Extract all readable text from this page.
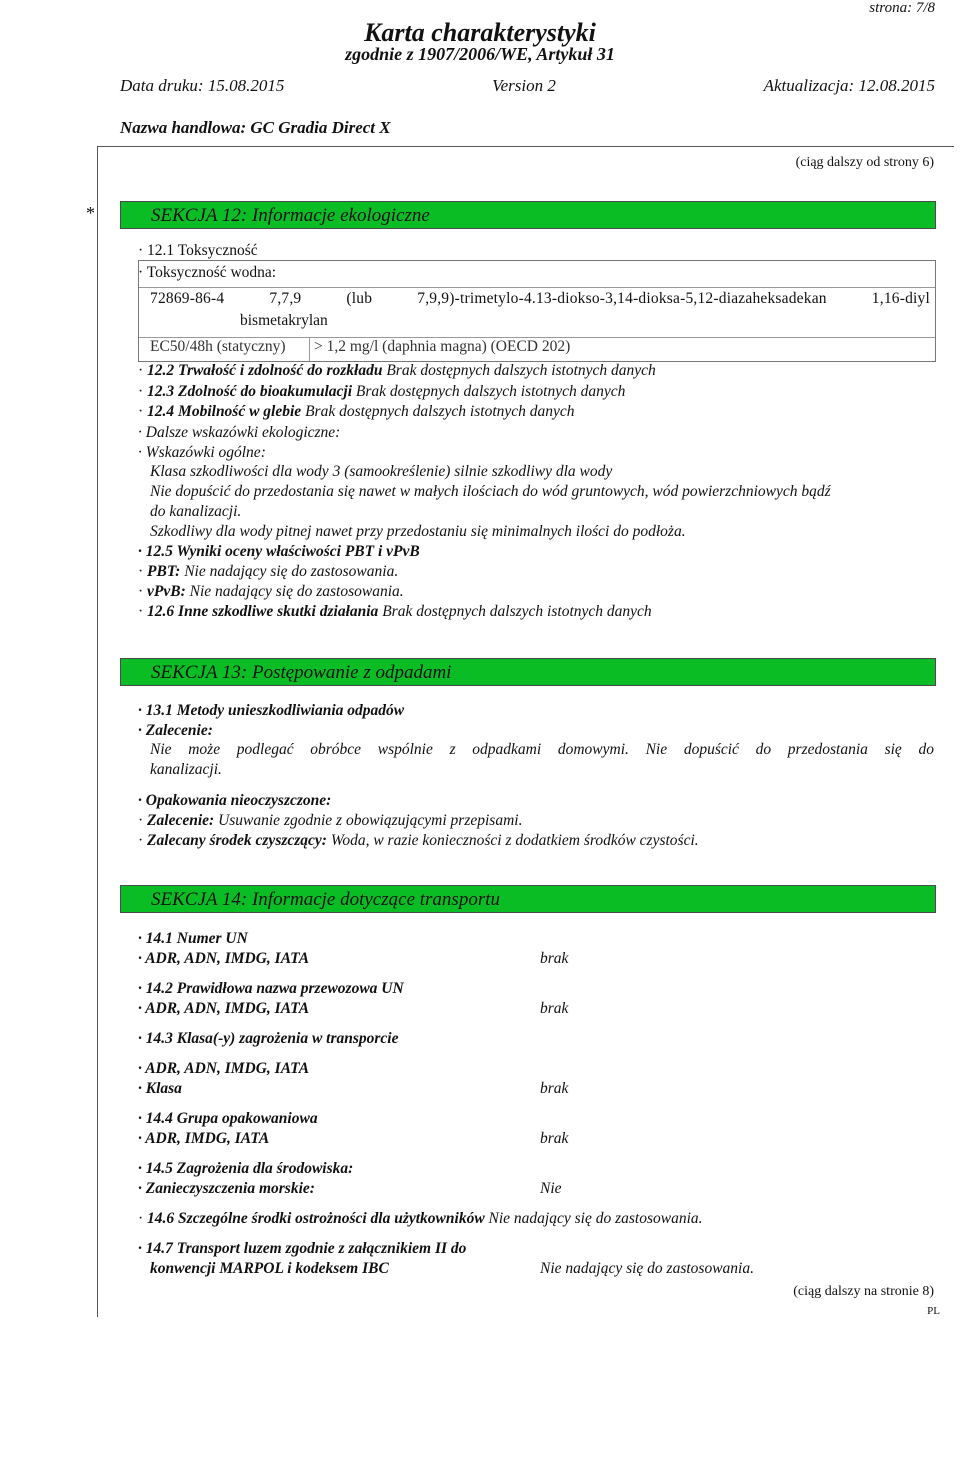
strona: 7/8
Karta charakterystyki
zgodnie z 1907/2006/WE, Artykuł 31
Data druku: 15.08.2015	Version 2	Aktualizacja: 12.08.2015
Nazwa handlowa: GC Gradia Direct X
(ciąg dalszy od strony 6)
*	SEKCJA 12: Informacje ekologiczne
· 12.1 Toksyczność
· Toksyczność wodna:
72869-86-4 7,7,9 (lub 7,9,9)-trimetylo-4.13-diokso-3,14-dioksa-5,12-diazaheksadekan 1,16-diyl
bismetakrylan
EC50/48h (statyczny) > 1,2 mg/l (daphnia magna) (OECD 202)
· 12.2 Trwałość i zdolność do rozkładu Brak dostępnych dalszych istotnych danych
· 12.3 Zdolność do bioakumulacji Brak dostępnych dalszych istotnych danych
· 12.4 Mobilność w glebie Brak dostępnych dalszych istotnych danych
· Dalsze wskazówki ekologiczne:
· Wskazówki ogólne:
Klasa szkodliwości dla wody 3 (samookreślenie) silnie szkodliwy dla wody
Nie dopuścić do przedostania się nawet w małych ilościach do wód gruntowych, wód powierzchniowych bądź
do kanalizacji.
Szkodliwy dla wody pitnej nawet przy przedostaniu się minimalnych ilości do podłoża.
· 12.5 Wyniki oceny właściwości PBT i vPvB
· PBT: Nie nadający się do zastosowania.
· vPvB: Nie nadający się do zastosowania.
· 12.6 Inne szkodliwe skutki działania Brak dostępnych dalszych istotnych danych
SEKCJA 13: Postępowanie z odpadami
· 13.1 Metody unieszkodliwiania odpadów
· Zalecenie:
Nie może podlegać obróbce wspólnie z odpadkami domowymi. Nie dopuścić do przedostania się do
kanalizacji.
· Opakowania nieoczyszczone:
· Zalecenie: Usuwanie zgodnie z obowiązującymi przepisami.
· Zalecany środek czyszczący: Woda, w razie konieczności z dodatkiem środków czystości.
SEKCJA 14: Informacje dotyczące transportu
· 14.1 Numer UN
· ADR, ADN, IMDG, IATA	brak
· 14.2 Prawidłowa nazwa przewozowa UN
· ADR, ADN, IMDG, IATA	brak
· 14.3 Klasa(-y) zagrożenia w transporcie
· ADR, ADN, IMDG, IATA
· Klasa	brak
· 14.4 Grupa opakowaniowa
· ADR, IMDG, IATA	brak
· 14.5 Zagrożenia dla środowiska:
· Zanieczyszczenia morskie:	Nie
· 14.6 Szczególne środki ostrożności dla użytkowników Nie nadający się do zastosowania.
· 14.7 Transport luzem zgodnie z załącznikiem II do
konwencji MARPOL i kodeksem IBC	Nie nadający się do zastosowania.
(ciąg dalszy na stronie 8)
PL
